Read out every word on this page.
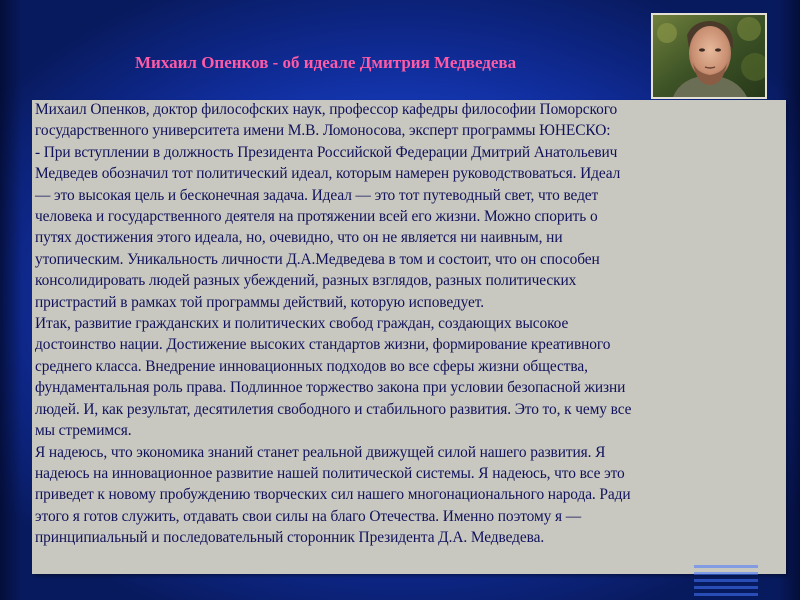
Михаил Опенков - об идеале Дмитрия Медведева
Михаил Опенков, доктор философских наук, профессор кафедры философии Поморского
государственного университета имени М.В. Ломоносова, эксперт программы ЮНЕСКО:
- При вступлении в должность Президента Российской Федерации Дмитрий Анатольевич
Медведев обозначил тот политический идеал, которым намерен руководствоваться. Идеал
— это высокая цель и бесконечная задача. Идеал — это тот путеводный свет, что ведет
человека и государственного деятеля на протяжении всей его жизни. Можно спорить о
путях достижения этого идеала, но, очевидно, что он не является ни наивным, ни
утопическим. Уникальность личности Д.А.Медведева в том и состоит, что он способен
консолидировать людей разных убеждений, разных взглядов, разных политических
пристрастий в рамках той программы действий, которую исповедует.
Итак, развитие гражданских и политических свобод граждан, создающих высокое
достоинство нации. Достижение высоких стандартов жизни, формирование креативного
среднего класса. Внедрение инновационных подходов во все сферы жизни общества,
фундаментальная роль права. Подлинное торжество закона при условии безопасной жизни
людей. И, как результат, десятилетия свободного и стабильного развития. Это то, к чему все
мы стремимся.
Я надеюсь, что экономика знаний станет реальной движущей силой нашего развития. Я
надеюсь на инновационное развитие нашей политической системы. Я надеюсь, что все это
приведет к новому пробуждению творческих сил нашего многонационального народа. Ради
этого я готов служить, отдавать свои силы на благо Отечества. Именно поэтому я —
принципиальный и последовательный сторонник Президента Д.А. Медведева.
